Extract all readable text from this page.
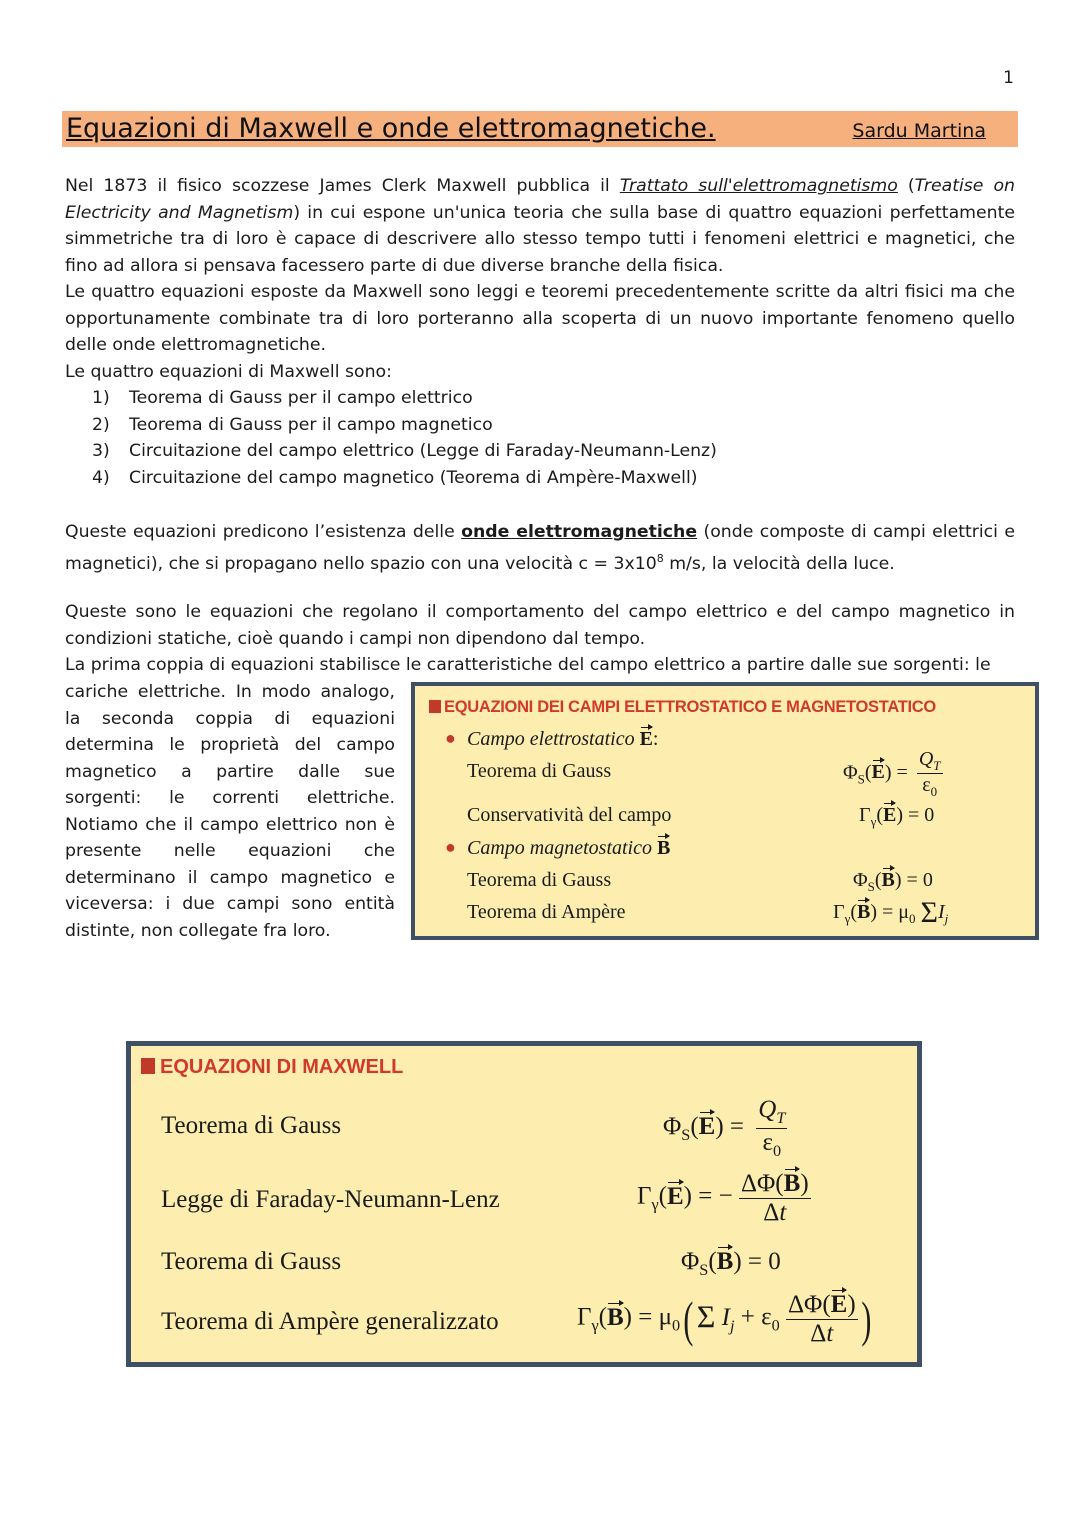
1
Equazioni di Maxwell e onde elettromagnetiche.	Sardu Martina
Nel 1873 il fisico scozzese James Clerk Maxwell pubblica il Trattato sull'elettromagnetismo (Treatise on
Electricity and Magnetism) in cui espone un'unica teoria che sulla base di quattro equazioni perfettamente
simmetriche tra di loro è capace di descrivere allo stesso tempo tutti i fenomeni elettrici e magnetici, che
fino ad allora si pensava facessero parte di due diverse branche della fisica.
Le quattro equazioni esposte da Maxwell sono leggi e teoremi precedentemente scritte da altri fisici ma che
opportunamente combinate tra di loro porteranno alla scoperta di un nuovo importante fenomeno quello
delle onde elettromagnetiche.
Le quattro equazioni di Maxwell sono:
1) Teorema di Gauss per il campo elettrico
2) Teorema di Gauss per il campo magnetico
3) Circuitazione del campo elettrico (Legge di Faraday-Neumann-Lenz)
4) Circuitazione del campo magnetico (Teorema di Ampère-Maxwell)
Queste equazioni predicono l’esistenza delle onde elettromagnetiche (onde composte di campi elettrici e
magnetici), che si propagano nello spazio con una velocità $c = 3x10^8$ m/s, la velocità della luce.
Queste sono le equazioni che regolano il comportamento del campo elettrico e del campo magnetico in
condizioni statiche, cioè quando i campi non dipendono dal tempo.
La prima coppia di equazioni stabilisce le caratteristiche del campo elettrico a partire dalle sue sorgenti: le
cariche elettriche. In modo analogo,
la seconda coppia di equazioni
determina le proprietà del campo
magnetico a partire dalle sue
sorgenti: le correnti elettriche.
Notiamo che il campo elettrico non è
presente nelle equazioni che
determinano il campo magnetico e
viceversa: i due campi sono entità
distinte, non collegate fra loro.
EQUAZIONI DEI CAMPI ELETTROSTATICO E MAGNETOSTATICO
● Campo elettrostatico E:
Teorema di Gauss	$\Phi_S(E) = \frac{Q_T}{\varepsilon_0}$
Conservatività del campo	$\Gamma_\gamma(E) = 0$
● Campo magnetostatico B
Teorema di Gauss	$\Phi_S(B) = 0$
Teorema di Ampère	$\Gamma_\gamma(B) = \mu_0$ $\Sigma I_j$
EQUAZIONI DI MAXWELL
Teorema di Gauss	$\Phi_S(E) = \frac{Q_T}{\varepsilon_0}$
Legge di Faraday-Neumann-Lenz	$\Gamma_\gamma(E)$ = − $\frac{\Delta\Phi(B)}{\Delta t}$
Teorema di Gauss	$\Phi_S(B) = 0$
Teorema di Ampère generalizzato	$\Gamma_\gamma(B) = \mu_0$( Σ $I_j + \varepsilon_0 \frac{\Delta\Phi(E)}{\Delta t}$ )
